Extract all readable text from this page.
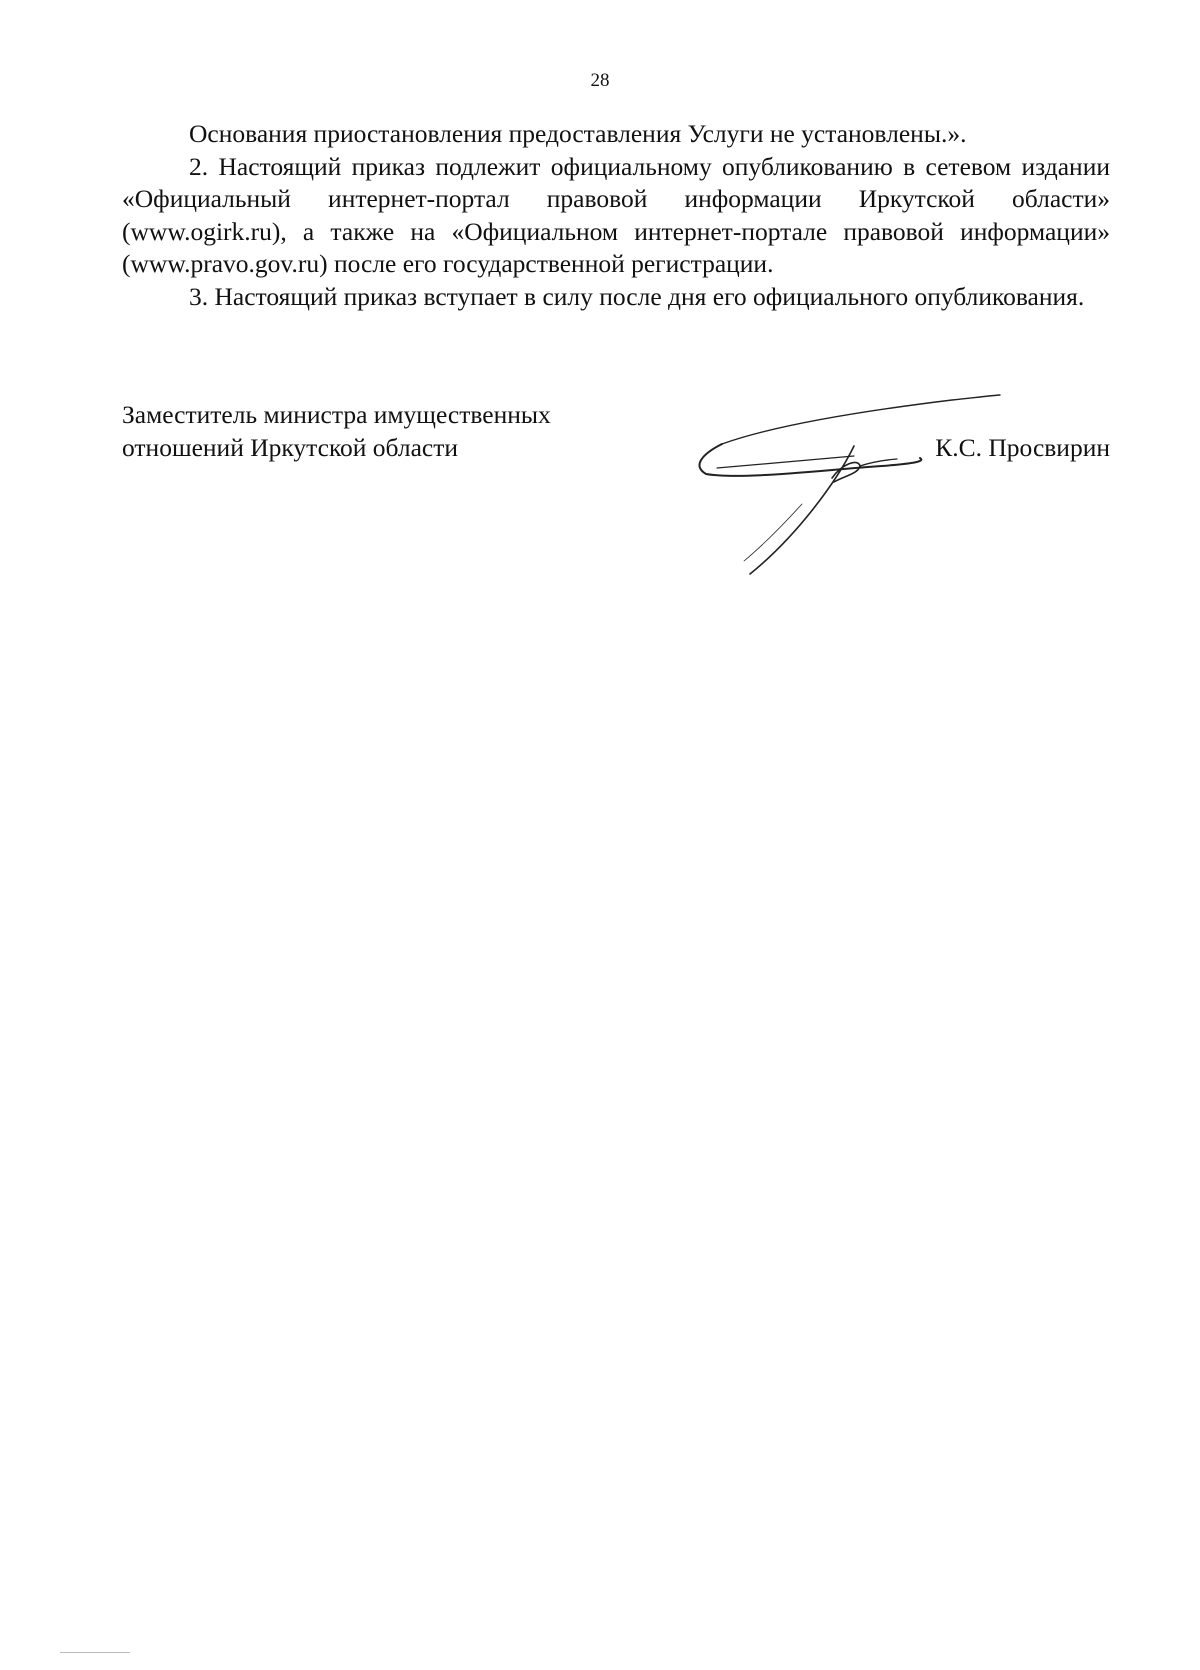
28

Основания приостановления предоставления Услуги не установлены.».

2. Настоящий приказ подлежит официальному опубликованию в сетевом издании «Официальный интернет-портал правовой информации Иркутской области» (www.ogirk.ru), а также на «Официальном интернет-портале правовой информации» (www.pravo.gov.ru) после его государственной регистрации.

3. Настоящий приказ вступает в силу после дня его официального опубликования.

Заместитель министра имущественных
отношений Иркутской области	К.С. Просвирин
